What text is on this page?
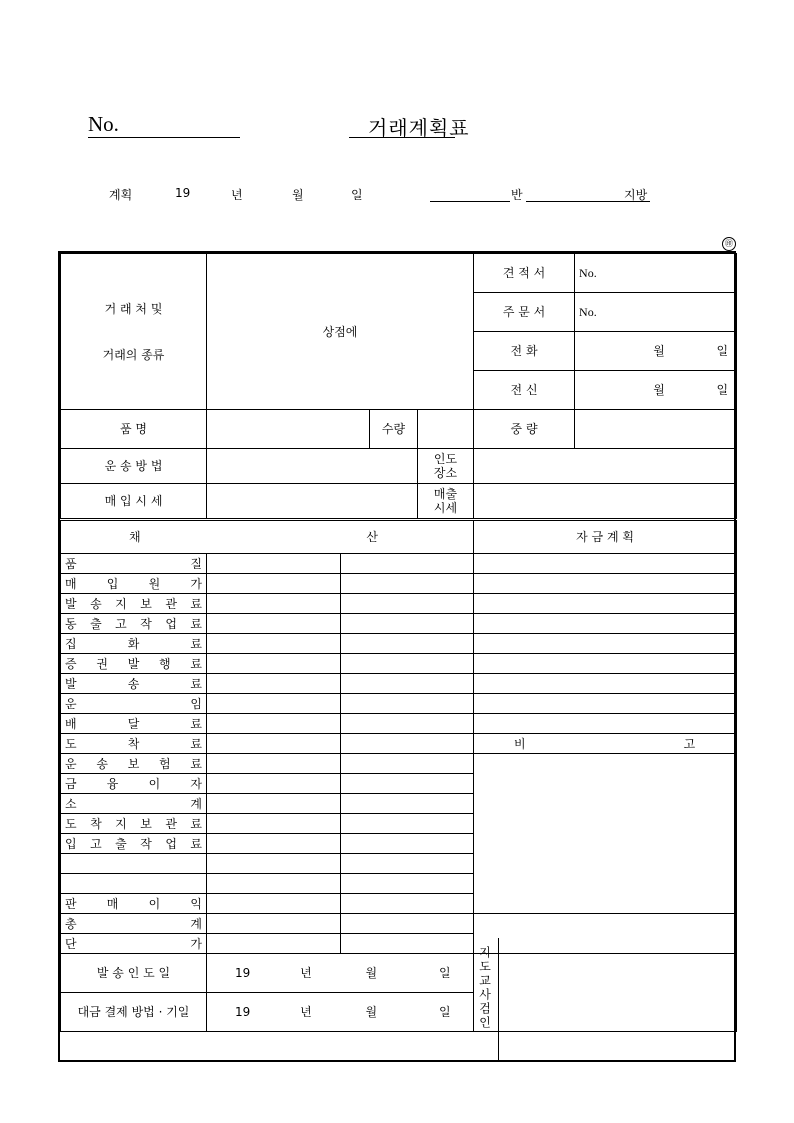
No.	거래계획표
계획	19	년	월	일	반	지방
㊞
거 래 처 및
거래의 종류	상점에				견 적 서	No.
					주 문 서	No.
					전 화	월 일
					전 신	월 일
품 명			수량		중 량	
운 송 방 법				인도
장소		

매 입 시 세				매출
시세		

채 산					자 금 계 획	
품 질						
매 입 원 가						
발 송 지 보 관 료						
동 출 고 작 업 료						
집 화 료						
증 권 발 행 료						
발 송 료						
운 임						
배 달 료						
도 착 료					비 고	
운 송 보 험 료						
금 융 이 자						
소 계						
도 착 지 보 관 료						
입 고 출 작 업 료						

판 매 이 익						
총 계						
단 가						
발 송 인 도 일	19 년 월 일					
대금 결제 방법 · 기일	19 년 월 일					지도교사검인
